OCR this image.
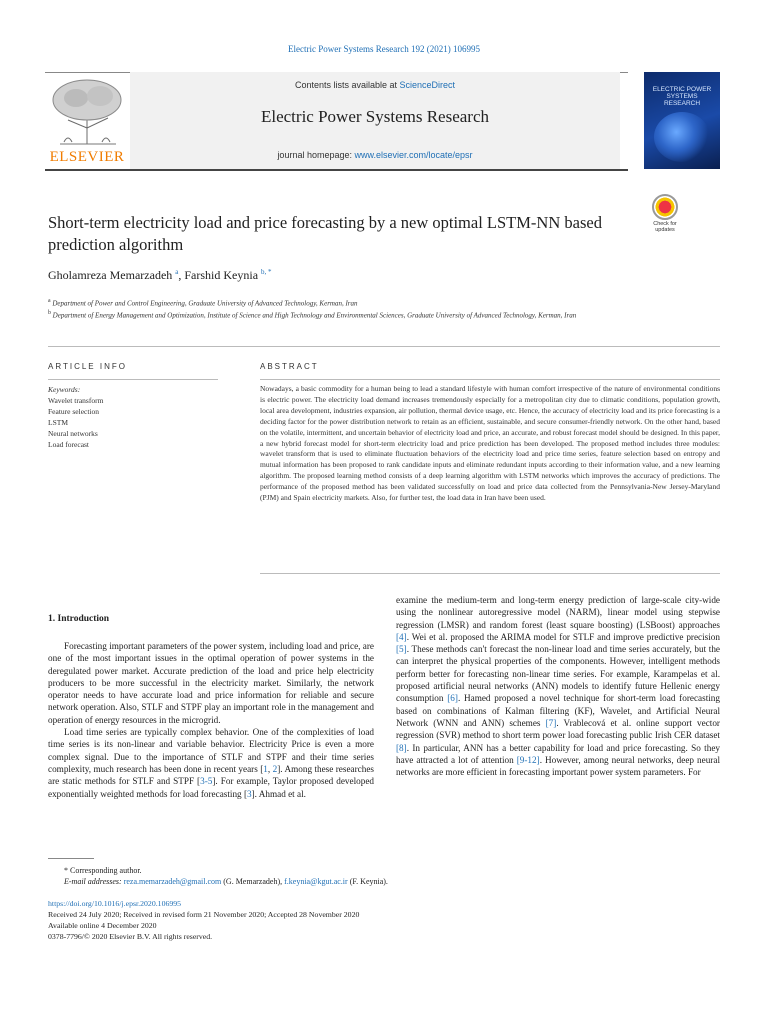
Electric Power Systems Research 192 (2021) 106995
ELSEVIER
Contents lists available at ScienceDirect
Electric Power Systems Research
journal homepage: www.elsevier.com/locate/epsr
ELECTRIC POWER SYSTEMS RESEARCH
Short-term electricity load and price forecasting by a new optimal LSTM-NN based prediction algorithm
Check for updates
Gholamreza Memarzadeh $^a$, Farshid Keynia $^{b, *}$
$^a$ Department of Power and Control Engineering, Graduate University of Advanced Technology, Kerman, Iran
$^b$ Department of Energy Management and Optimization, Institute of Science and High Technology and Environmental Sciences, Graduate University of Advanced Technology, Kerman, Iran
ARTICLE INFO	ABSTRACT
Keywords:
Wavelet transform
Feature selection
LSTM
Neural networks
Load forecast
Nowadays, a basic commodity for a human being to lead a standard lifestyle with human comfort irrespective of the nature of environmental conditions is electric power. The electricity load demand increases tremendously especially for a metropolitan city due to climatic conditions, population growth, local area development, industries expansion, air pollution, thermal device usage, etc. Hence, the accuracy of electricity load and its price forecasting is a deciding factor for the power distribution network to retain as an efficient, sustainable, and secure consumer-friendly network. On the other hand, based on the volatile, intermittent, and uncertain behavior of electricity load and price, an accurate, and robust forecast model should be designed. In this paper, a new hybrid forecast model for short-term electricity load and price prediction has been developed. The proposed method includes three modules: wavelet transform that is used to eliminate fluctuation behaviors of the electricity load and price time series, feature selection based on entropy and mutual information has been proposed to rank candidate inputs and eliminate redundant inputs according to their information value, and a new learning algorithm. The proposed learning method consists of a deep learning algorithm with LSTM networks which improves the accuracy of predictions. The performance of the proposed method has been validated successfully on load and price data collected from the Pennsylvania-New Jersey-Maryland (PJM) and Spain electricity markets. Also, for further test, the load data in Iran have been used.
1. Introduction

Forecasting important parameters of the power system, including load and price, are one of the most important issues in the optimal operation of power systems in the deregulated power market. Accurate prediction of the load and price help electricity producers to be more successful in the electricity market. Similarly, the network operator needs to have accurate load and price information for reliable and secure network operation. Also, STLF and STPF play an important role in the management and operation of energy resources in the microgrid.

Load time series are typically complex behavior. One of the complexities of load time series is its non-linear and variable behavior. Electricity Price is even a more complex signal. Due to the importance of STLF and STPF and their time series complexity, much research has been done in recent years [1, 2]. Among these researches are static methods for STLF and STPF [3-5]. For example, Taylor proposed developed exponentially weighted methods for load forecasting [3]. Ahmad et al.

examine the medium-term and long-term energy prediction of large-scale city-wide using the nonlinear autoregressive model (NARM), linear model using stepwise regression (LMSR) and random forest (least square boosting) (LSBoost) approaches [4]. Wei et al. proposed the ARIMA model for STLF and improve predictive precision [5]. These methods can't forecast the non-linear load and time series accurately, but the can interpret the physical properties of the components. However, intelligent methods perform better for forecasting non-linear time series. For example, Karampelas et al. proposed artificial neural networks (ANN) models to identify future Hellenic energy consumption [6]. Hamed proposed a novel technique for short-term load forecasting based on combinations of Kalman filtering (KF), Wavelet, and Artificial Neural Network (WNN and ANN) schemes [7]. Vrablecová et al. online support vector regression (SVR) method to short term power load forecasting public Irish CER dataset [8]. In particular, ANN has a better capability for load and price forecasting. So they have attracted a lot of attention [9-12]. However, among neural networks, deep neural networks are more efficient in forecasting important power system parameters. For

* Corresponding author.
E-mail addresses: reza.memarzadeh@gmail.com (G. Memarzadeh), f.keynia@kgut.ac.ir (F. Keynia).
https://doi.org/10.1016/j.epsr.2020.106995
Received 24 July 2020; Received in revised form 21 November 2020; Accepted 28 November 2020
Available online 4 December 2020
0378-7796/© 2020 Elsevier B.V. All rights reserved.
